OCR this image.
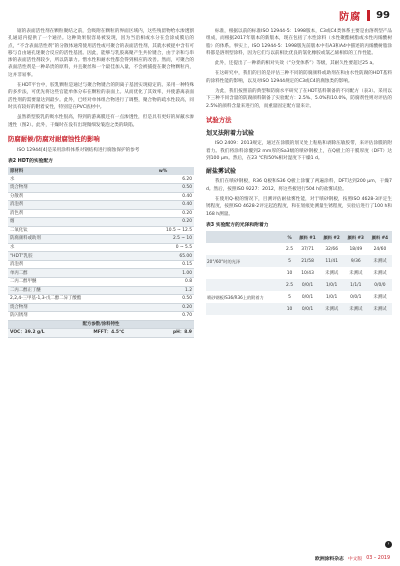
防腐 99

锯的表面活性剂在颗粒聚结之前，会吸附在颗粒的界面区域内，这些残留物给水渗透割孔通道内提供了一个通径。这种效果很容易被发现，因为当沿相或水分在会涂成膜后的点，“不含表面活性剂”的分散体通常使用活性或可聚合的表面活性剂，其就水被捉中含有可移与自由通孔迷聚合反应的活性基团。因此，能够与乳胶离聚产生共价键合，由于亲和与串渗的表面活性剂较少，所以防暴力。憎水性和耐水性都会得到相应的改善。然而，可聚合的表面活性剂是一种昂贵的原料，并且聚丝和一个最佳加入量，不会被捕捉在聚合物颗粒内，这并非易事。

在HDT平台中，胶乳颗粒是通过与聚合物键合的阴离子基团实现稳定的。采用一种特殊的多步法，可优先将这些官能单体分布在颗粒的表面上。从而优化了其效率，并使游离表面活性剂的需要量达到最少。此外，已经对单体组合物进行了调整，聚合物的疏水性较高，同时具有较好的附着安性，特别是在PVC底材中。

虽然新型胶乳的吸水性很高，得到的游离膜还有一点渗透性，但是具有更好的屏蔽水渗透性（图2）。此外，干燥时在没有出现微细发皱泡之类的缺陷。

防腐耐候/防腐对耐腐蚀性的影响

ISO 12944[4]是采用涂料体系对钢结构进行腐蚀保护的参考

表2 HDT的实验配方
原材料	w%
水	6.20
烧合物剂	0.50
分散剂	0.40
消泡剂	0.40
消色剂	0.20
烟	0.20
二氧化钛	10.5 ~ 12.5
防腐颜料或助剂	2.5 ~ 10
水	0 ~ 5.5
“HDT”乳胶	65.00
消泡剂	0.15
单丙二醇	1.00
二丙二醇甲醚	0.8
二丙二醇正丁醚	1.2
2,2,4-三甲基-1,3-戊二醇二异丁酸酯	0.50
烧合物剂	0.20
防闪锈剂	0.70
配方参数/涂料特性	

VOC：39.2 g/L MFFT：4.5℃ pH：8.9	

标准，根据以前的标准ISO 12944-5：1998版本，C3或C4类体系主要是由溶剂型产品组成，而根据2017年版本的新版本，现在包括了水性涂料（水性聚酯树脂或水性丙烯酸树脂）的体系。事实上，ISO 12944-5：1998版先前版本中有A3和A4中描述的丙烯酸树脂涂料都是溶剂型涂料，因为它们与以前相比优良的氯化橡胶或氯乙烯相似的工作性能。

此外，还提出了一种新的相对失效（“分变体系”）等级，其耐久性要超过25 a。

在这研究中，我们的目的是评估三种不同的防腐颜料或助剂在和由水性防腐的HDT基料的涂料性能的影响，以及对ISO 12944规定的C3或C4的腐蚀类的影响。

为此，我们按照前的典型和防腐水平研究了在HDT基料制备的不同配方（表3）。采用以下三种不同含量的防腐颜料制备了实验配方：2.5%、5.0%和10.0%，防腐剂性则对评估的2.5%的颜料含量来进行的，而重量固定配方量来计。

试验方法
划叉法附着力试验

ISO 2409：2013规定，通过在涂膜的划叉处上粘贴和剥除压敏胶带，来评估涂膜的附着力。我们将涂料涂覆到2 mm厚的Sa3级的喷砂钢板上，在Q板上的干膜厚度（DFT）达到100 μm。然后，在23 ℃和50%相对湿度下干燥1 d。

耐盐雾试验

我们在喷砂钢板，R36 Q板和S36 Q板上涂覆了两遍涂料，DFT达到200 μm，干燥7 d。然后，按照ISO 9227：2012，将这些板进行504 h的盐雾试验。

在使用Q-板的情况下，目测评估耐盐雾性能，对于喷砂钢板，按照ISO 4628-3评定生锈程度，按照ISO 4628-2评定起泡程度，和在划痕处测量生锈程度，实验后进行了100 h和168 h测量。

表3 实验配方的光泽和附着力
	%	颜料 #1	颜料 #2	颜料 #3	颜料 #4
	2.5	37/71	32/66	18/49	24/60
20°/60°时的光泽	5	21/58	11/41	9/36	未测试
	10	10/43	未测试	未测试	未测试
	2.5	0/0/1	1/0/1	1/1/1	0/0/0
喷砂钢板/S36/R36上的附着力	5	0/0/1	1/0/1	0/0/1	未测试
	10	0/0/1	未测试	未测试	未测试
›
欧洲涂料杂志 中文版 03 – 2019
